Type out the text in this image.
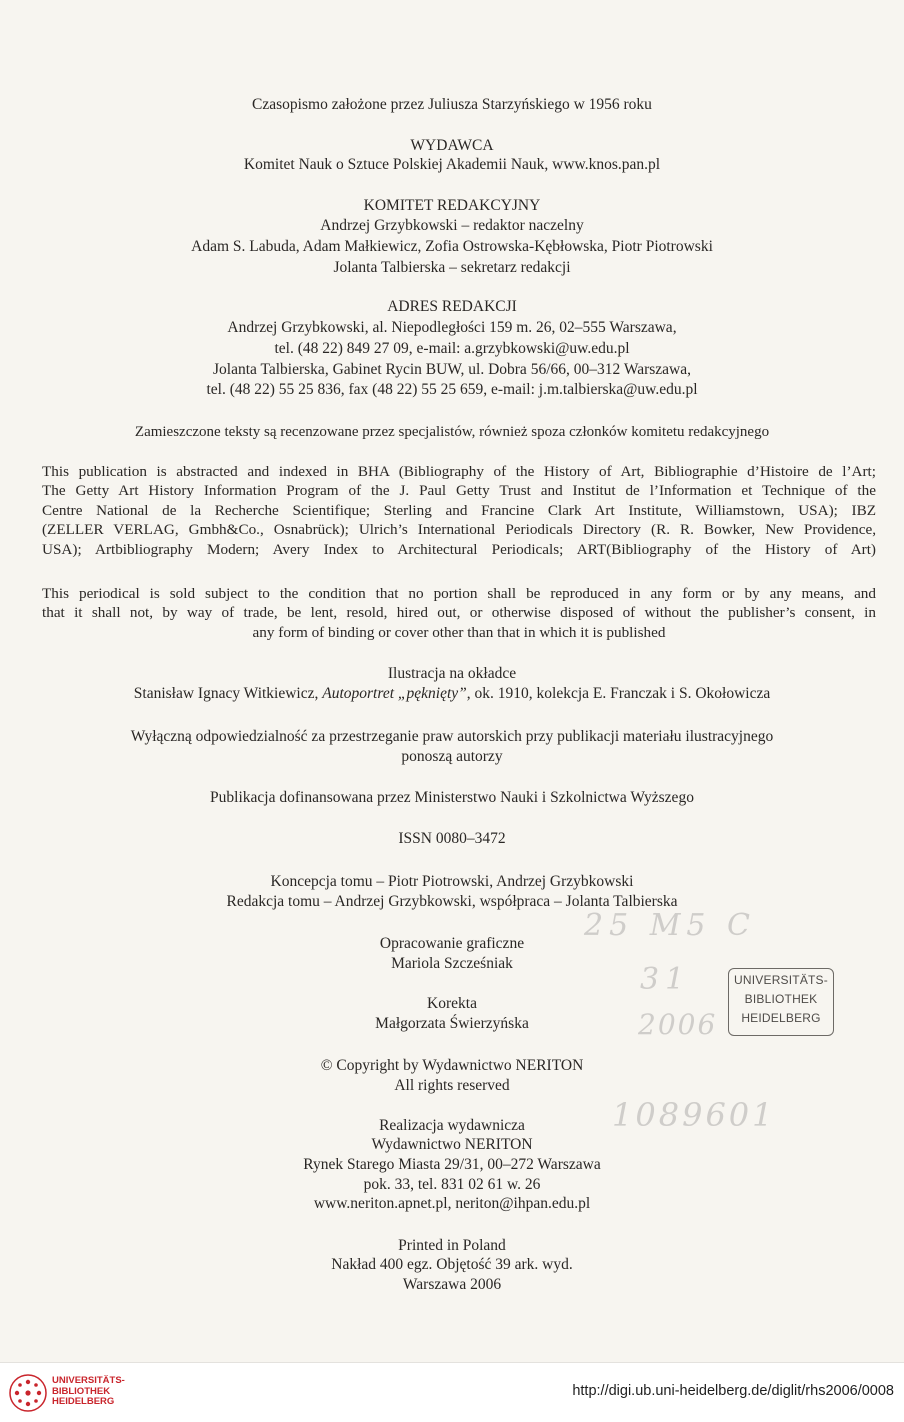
Czasopismo założone przez Juliusza Starzyńskiego w 1956 roku
WYDAWCA
Komitet Nauk o Sztuce Polskiej Akademii Nauk, www.knos.pan.pl
KOMITET REDAKCYJNY
Andrzej Grzybkowski – redaktor naczelny
Adam S. Labuda, Adam Małkiewicz, Zofia Ostrowska-Kębłowska, Piotr Piotrowski
Jolanta Talbierska – sekretarz redakcji
ADRES REDAKCJI
Andrzej Grzybkowski, al. Niepodległości 159 m. 26, 02–555 Warszawa,
tel. (48 22) 849 27 09, e-mail: a.grzybkowski@uw.edu.pl
Jolanta Talbierska, Gabinet Rycin BUW, ul. Dobra 56/66, 00–312 Warszawa,
tel. (48 22) 55 25 836, fax (48 22) 55 25 659, e-mail: j.m.talbierska@uw.edu.pl
Zamieszczone teksty są recenzowane przez specjalistów, również spoza członków komitetu redakcyjnego
This publication is abstracted and indexed in BHA (Bibliography of the History of Art, Bibliographie d’Histoire de l’Art;
The Getty Art History Information Program of the J. Paul Getty Trust and Institut de l’Information et Technique of the
Centre National de la Recherche Scientifique; Sterling and Francine Clark Art Institute, Williamstown, USA); IBZ
(ZELLER VERLAG, Gmbh&Co., Osnabrück); Ulrich’s International Periodicals Directory (R. R. Bowker, New Providence,
USA); Artbibliography Modern; Avery Index to Architectural Periodicals; ART(Bibliography of the History of Art)
This periodical is sold subject to the condition that no portion shall be reproduced in any form or by any means, and
that it shall not, by way of trade, be lent, resold, hired out, or otherwise disposed of without the publisher’s consent, in
any form of binding or cover other than that in which it is published
Ilustracja na okładce
Stanisław Ignacy Witkiewicz, Autoportret „pęknięty”, ok. 1910, kolekcja E. Franczak i S. Okołowicza
Wyłączną odpowiedzialność za przestrzeganie praw autorskich przy publikacji materiału ilustracyjnego
ponoszą autorzy
Publikacja dofinansowana przez Ministerstwo Nauki i Szkolnictwa Wyższego
ISSN 0080–3472
Koncepcja tomu – Piotr Piotrowski, Andrzej Grzybkowski
Redakcja tomu – Andrzej Grzybkowski, współpraca – Jolanta Talbierska
Opracowanie graficzne
Mariola Szcześniak
Korekta
Małgorzata Świerzyńska
© Copyright by Wydawnictwo NERITON
All rights reserved
Realizacja wydawnicza
Wydawnictwo NERITON
Rynek Starego Miasta 29/31, 00–272 Warszawa
pok. 33, tel. 831 02 61 w. 26
www.neriton.apnet.pl, neriton@ihpan.edu.pl
Printed in Poland
Nakład 400 egz. Objętość 39 ark. wyd.
Warszawa 2006
25 M5 C
31
2006
1089601
UNIVERSITÄTS-
BIBLIOTHEK
HEIDELBERG
UNIVERSITÄTS-
BIBLIOTHEK
HEIDELBERG
http://digi.ub.uni-heidelberg.de/diglit/rhs2006/0008
